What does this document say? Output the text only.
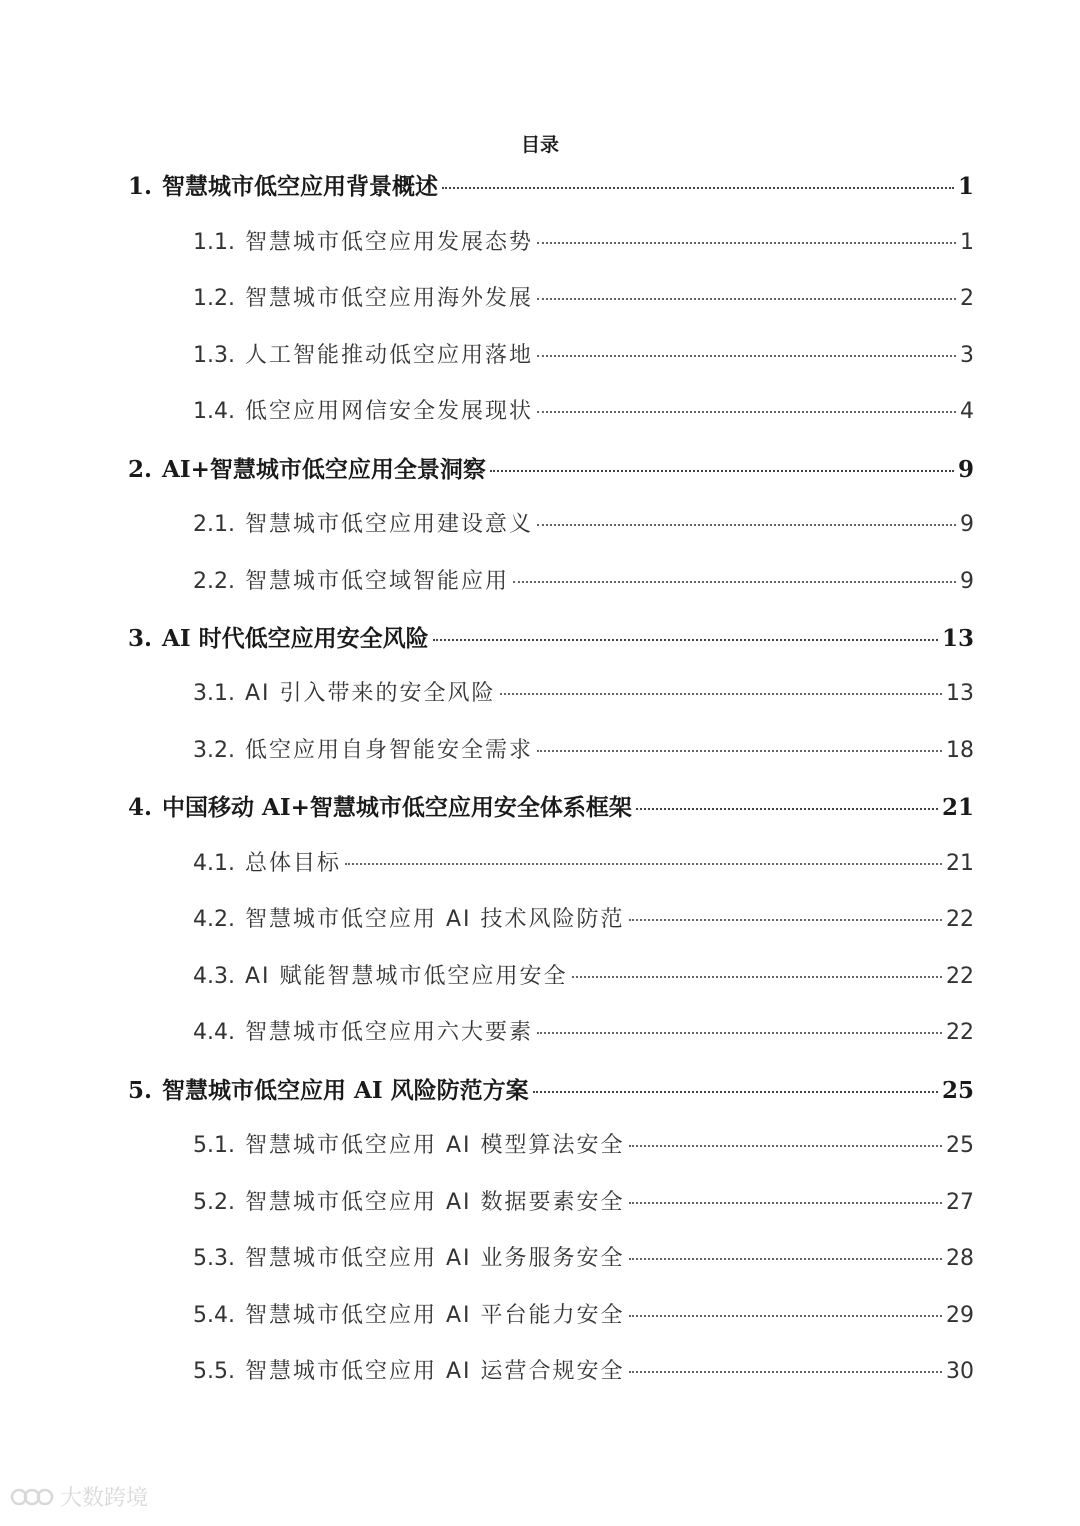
目录
1. 智慧城市低空应用背景概述	1
1.1. 智慧城市低空应用发展态势	1
1.2. 智慧城市低空应用海外发展	2
1.3. 人工智能推动低空应用落地	3
1.4. 低空应用网信安全发展现状	4
2. AI+智慧城市低空应用全景洞察	9
2.1. 智慧城市低空应用建设意义	9
2.2. 智慧城市低空域智能应用	9
3. AI 时代低空应用安全风险	13
3.1. AI 引入带来的安全风险	13
3.2. 低空应用自身智能安全需求	18
4. 中国移动 AI+智慧城市低空应用安全体系框架	21
4.1. 总体目标	21
4.2. 智慧城市低空应用 AI 技术风险防范	22
4.3. AI 赋能智慧城市低空应用安全	22
4.4. 智慧城市低空应用六大要素	22
5. 智慧城市低空应用 AI 风险防范方案	25
5.1. 智慧城市低空应用 AI 模型算法安全	25
5.2. 智慧城市低空应用 AI 数据要素安全	27
5.3. 智慧城市低空应用 AI 业务服务安全	28
5.4. 智慧城市低空应用 AI 平台能力安全	29
5.5. 智慧城市低空应用 AI 运营合规安全	30
大数跨境
